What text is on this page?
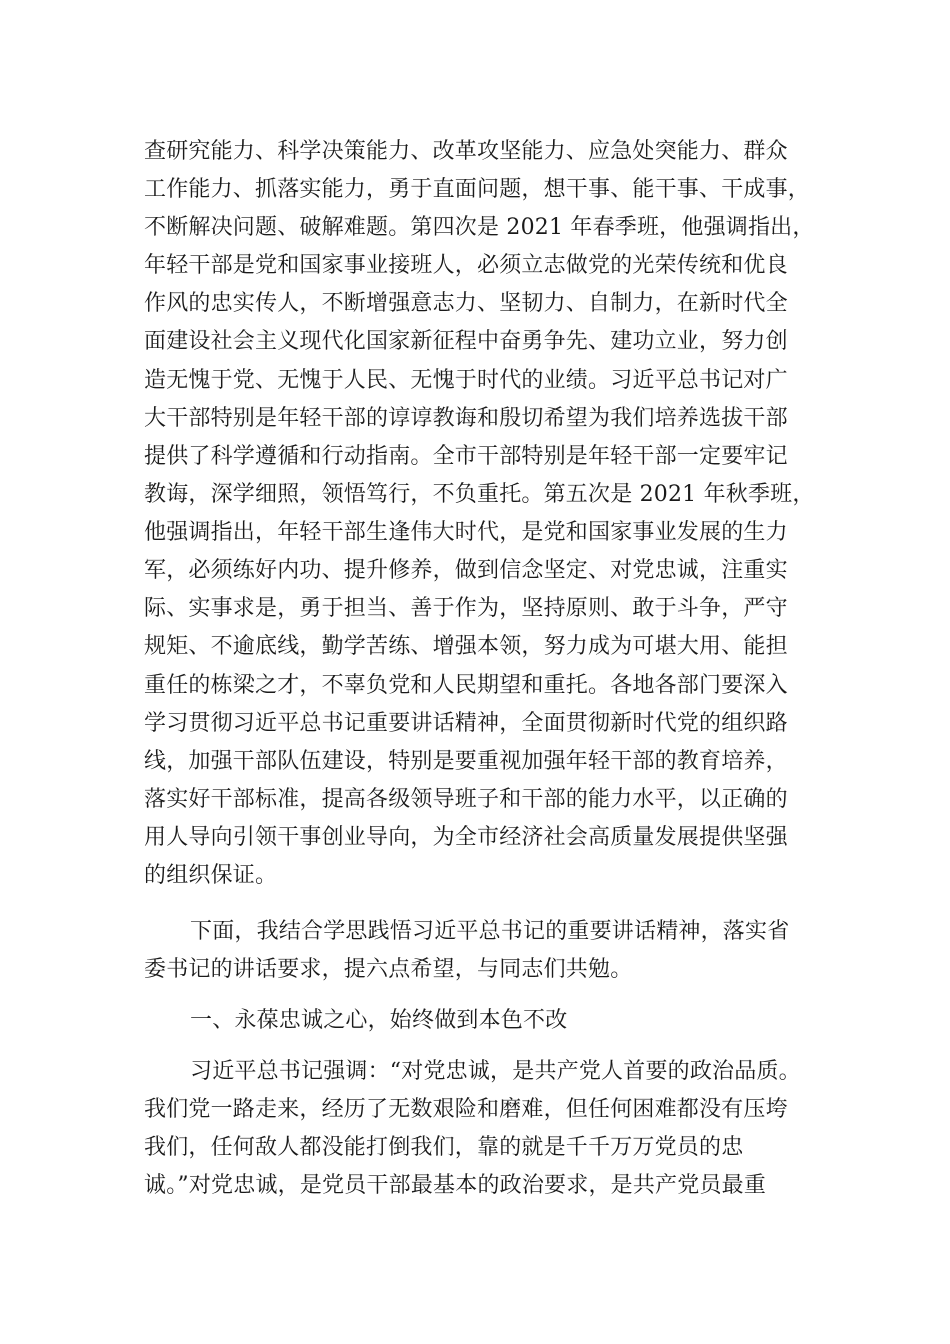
查研究能力、科学决策能力、改革攻坚能力、应急处突能力、群众
工作能力、抓落实能力，勇于直面问题，想干事、能干事、干成事，
不断解决问题、破解难题。第四次是 2021 年春季班，他强调指出，
年轻干部是党和国家事业接班人，必须立志做党的光荣传统和优良
作风的忠实传人，不断增强意志力、坚韧力、自制力，在新时代全
面建设社会主义现代化国家新征程中奋勇争先、建功立业，努力创
造无愧于党、无愧于人民、无愧于时代的业绩。习近平总书记对广
大干部特别是年轻干部的谆谆教诲和殷切希望为我们培养选拔干部
提供了科学遵循和行动指南。全市干部特别是年轻干部一定要牢记
教诲，深学细照，领悟笃行，不负重托。第五次是 2021 年秋季班，
他强调指出，年轻干部生逢伟大时代，是党和国家事业发展的生力
军，必须练好内功、提升修养，做到信念坚定、对党忠诚，注重实
际、实事求是，勇于担当、善于作为，坚持原则、敢于斗争，严守
规矩、不逾底线，勤学苦练、增强本领，努力成为可堪大用、能担
重任的栋梁之才，不辜负党和人民期望和重托。各地各部门要深入
学习贯彻习近平总书记重要讲话精神，全面贯彻新时代党的组织路
线，加强干部队伍建设，特别是要重视加强年轻干部的教育培养，
落实好干部标准，提高各级领导班子和干部的能力水平，以正确的
用人导向引领干事创业导向，为全市经济社会高质量发展提供坚强
的组织保证。
下面，我结合学思践悟习近平总书记的重要讲话精神，落实省
委书记的讲话要求，提六点希望，与同志们共勉。
一、永葆忠诚之心，始终做到本色不改
习近平总书记强调：“对党忠诚，是共产党人首要的政治品质。
我们党一路走来，经历了无数艰险和磨难，但任何困难都没有压垮
我们，任何敌人都没能打倒我们，靠的就是千千万万党员的忠
诚。”对党忠诚，是党员干部最基本的政治要求，是共产党员最重
